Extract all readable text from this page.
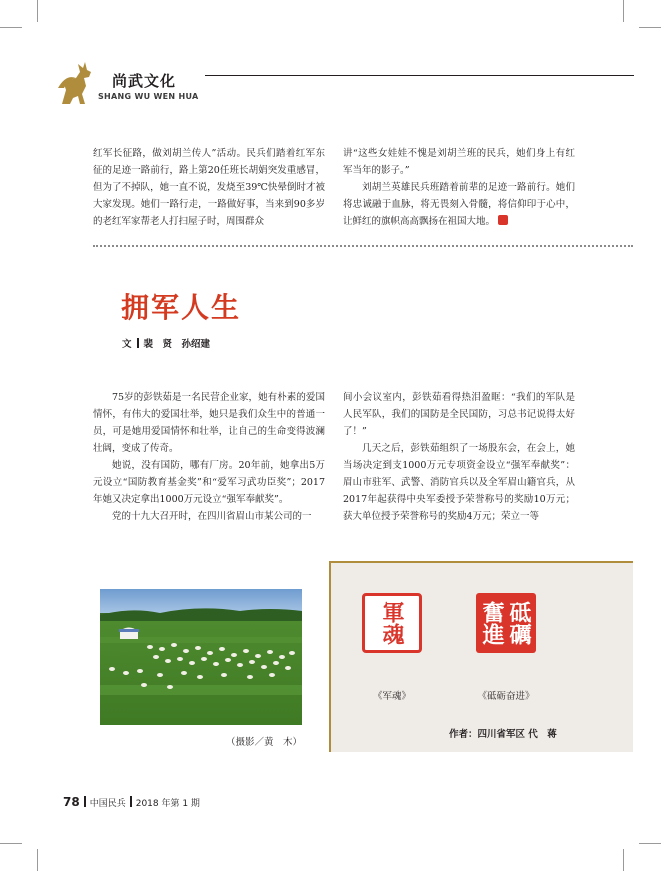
尚武文化
SHANG WU WEN HUA

红军长征路，做刘胡兰传人”活动。民兵们踏着红军东征的足迹一路前行，路上第20任班长胡娟突发重感冒，但为了不掉队，她一直不说，发烧至39℃快晕倒时才被大家发现。她们一路行走，一路做好事，当来到90多岁的老红军家帮老人打扫屋子时，周围群众

讲“这些女娃娃不愧是刘胡兰班的民兵，她们身上有红军当年的影子。”

刘胡兰英雄民兵班踏着前辈的足迹一路前行。她们将忠诚融于血脉，将无畏刻入骨髓，将信仰印于心中，让鲜红的旗帜高高飘扬在祖国大地。

拥军人生
文 裴　贤　孙绍建

75岁的彭铁茹是一名民营企业家，她有朴素的爱国情怀，有伟大的爱国壮举，她只是我们众生中的普通一员，可是她用爱国情怀和壮举，让自己的生命变得波澜壮阔，变成了传奇。

她说，没有国防，哪有厂房。20年前，她拿出5万元设立“国防教育基金奖”和“爱军习武功臣奖”；2017年她又决定拿出1000万元设立“强军奉献奖”。

党的十九大召开时，在四川省眉山市某公司的一

间小会议室内，彭铁茹看得热泪盈眶：“我们的军队是人民军队，我们的国防是全民国防，习总书记说得太好了！”

几天之后，彭铁茹组织了一场股东会，在会上，她当场决定到支1000万元专项资金设立“强军奉献奖”：眉山市驻军、武警、消防官兵以及全军眉山籍官兵，从2017年起获得中央军委授予荣誉称号的奖励10万元；获大单位授予荣誉称号的奖励4万元；荣立一等

（摄影／黄　木）
軍魂
《军魂》
砥礪奮進
《砥砺奋进》
作者：四川省军区 代　蒋
78 中国民兵 2018 年第 1 期
